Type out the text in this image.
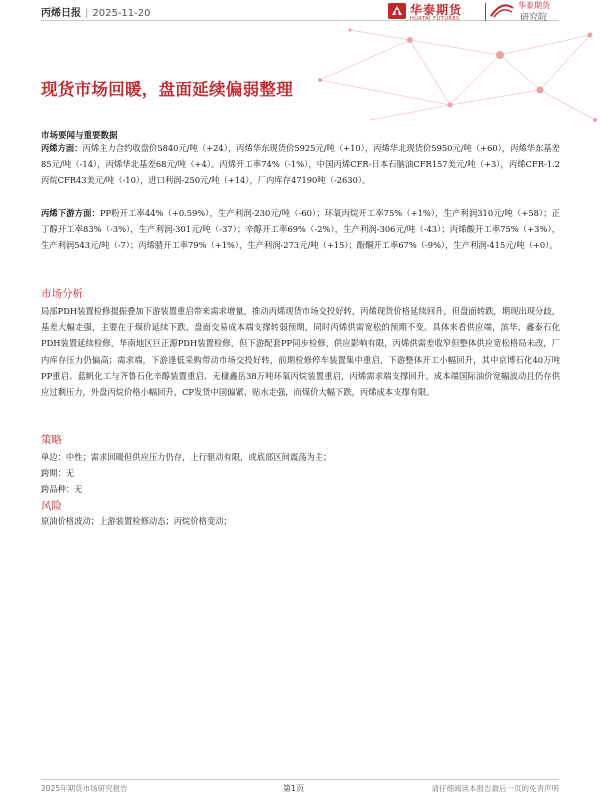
丙烯日报 | 2025-11-20	华泰期货
HUATAI FUTURES
华泰期货
研究院
现货市场回暖，盘面延续偏弱整理
市场要闻与重要数据
丙烯方面：丙烯主力合约收盘价5840元/吨（+24），丙烯华东现货价5925元/吨（+10），丙烯华北现货价5950元/吨（+60），丙烯华东基差85元/吨（-14），丙烯华北基差68元/吨（+4）。丙烯开工率74%（-1%），中国丙烯CFR-日本石脑油CFR157美元/吨（+3），丙烯CFR-1.2丙烷CFR43美元/吨（-10），进口利润-250元/吨（+14），厂内库存47190吨（-2630）。
丙烯下游方面：PP粉开工率44%（+0.59%），生产利润-230元/吨（-60）；环氧丙烷开工率75%（+1%），生产利润310元/吨（+58）；正丁醇开工率83%（-3%），生产利润-301元/吨（-37）；辛醇开工率69%（-2%），生产利润-306元/吨（-43）；丙烯酸开工率75%（+3%），生产利润543元/吨（-7）；丙烯腈开工率79%（+1%），生产利润-273元/吨（+15）；酚酮开工率67%（-9%），生产利润-415元/吨（+0）。
市场分析
局部PDH装置检修提振叠加下游装置重启带来需求增量，推动丙烯现货市场交投好转，丙烯现货价格延续回升，但盘面转跌，期现出现分歧，基差大幅走强，主要在于煤价延续下跌，盘面交易成本端支撑转弱预期，同时丙烯供需宽松的预期不变。具体来看供应端，滨华、鑫泰石化PDH装置延续检修，华南地区巨正源PDH装置检修，但下游配套PP同步检修，供应影响有限，丙烯供需差收窄但整体供应宽松格局未改，厂内库存压力仍偏高；需求端，下游逢低采购带动市场交投好转，前期检修停车装置集中重启，下游整体开工小幅回升，其中京博石化40万吨PP重启、蓝帆化工与齐鲁石化辛醇装置重启、无棣鑫岳38万吨环氧丙烷装置重启，丙烯需求端支撑回升。成本端国际油价宽幅波动且仍存供应过剩压力，外盘丙烷价格小幅回升，CP发货中国偏紧、贴水走强，而煤价大幅下跌，丙烯成本支撑有限。
策略
单边：中性；需求回暖但供应压力仍存，上行驱动有限，或底部区间震荡为主；
跨期：无
跨品种：无
风险
原油价格波动；上游装置检修动态；丙烷价格变动；
2025年期货市场研究报告	第1页	请仔细阅读本报告最后一页的免责声明
